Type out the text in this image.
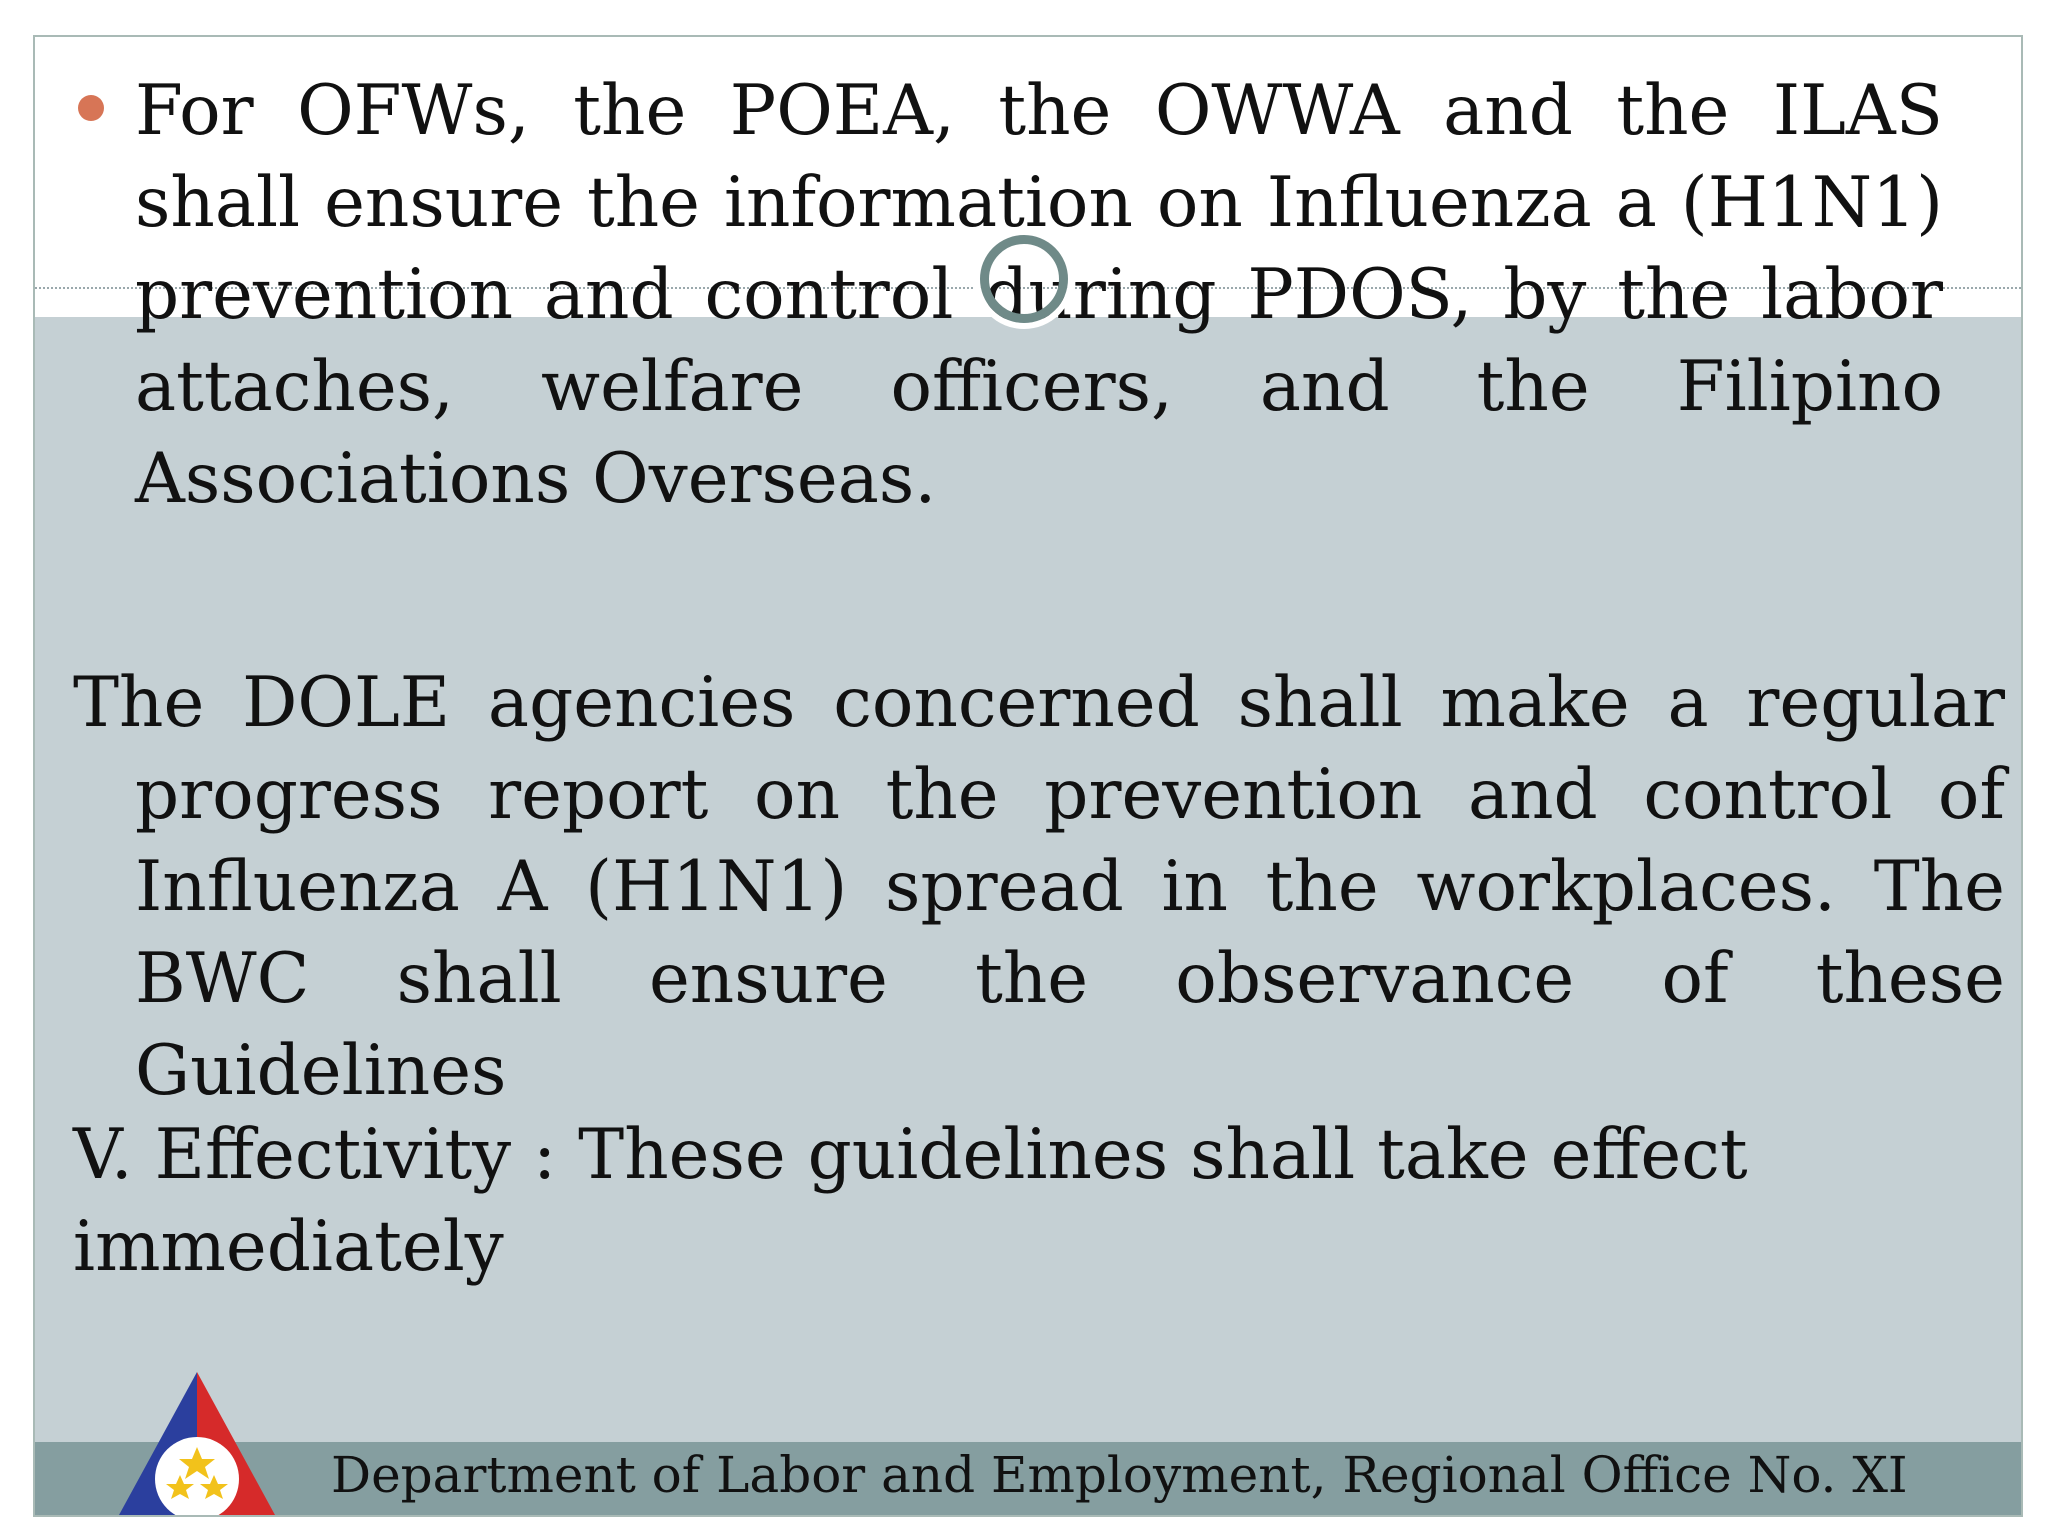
For OFWs, the POEA, the OWWA and the ILAS shall ensure the information on Influenza a (H1N1) prevention and control during PDOS, by the labor attaches, welfare officers, and the Filipino Associations Overseas.
The DOLE agencies concerned shall make a regular progress report on the prevention and control of Influenza A (H1N1) spread in the workplaces. The BWC shall ensure the observance of these Guidelines
V. Effectivity : These guidelines shall take effect
immediately
Department of Labor and Employment, Regional Office No. XI
